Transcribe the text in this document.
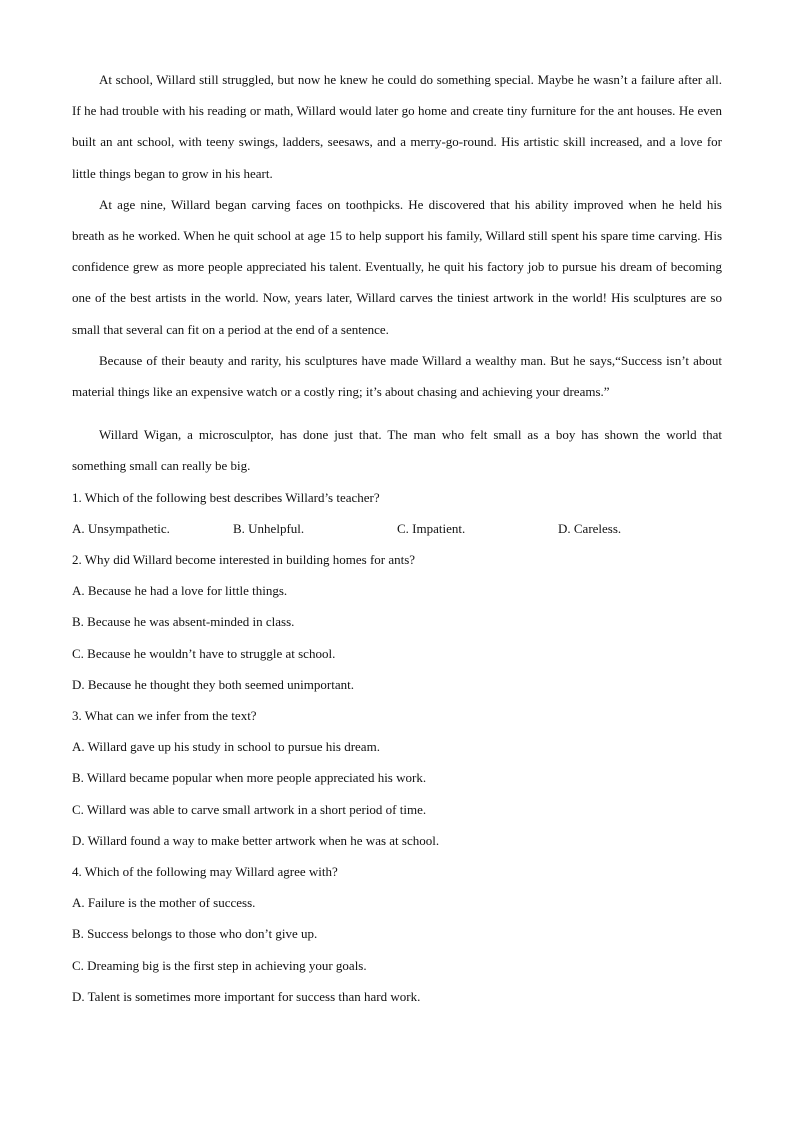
At school, Willard still struggled, but now he knew he could do something special. Maybe he wasn’t a failure after all. If he had trouble with his reading or math, Willard would later go home and create tiny furniture for the ant houses. He even built an ant school, with teeny swings, ladders, seesaws, and a merry-go-round. His artistic skill increased, and a love for little things began to grow in his heart.

At age nine, Willard began carving faces on toothpicks. He discovered that his ability improved when he held his breath as he worked. When he quit school at age 15 to help support his family, Willard still spent his spare time carving. His confidence grew as more people appreciated his talent. Eventually, he quit his factory job to pursue his dream of becoming one of the best artists in the world. Now, years later, Willard carves the tiniest artwork in the world! His sculptures are so small that several can fit on a period at the end of a sentence.

Because of their beauty and rarity, his sculptures have made Willard a wealthy man. But he says,“Success isn’t about material things like an expensive watch or a costly ring; it’s about chasing and achieving your dreams.”

Willard Wigan, a microsculptor, has done just that. The man who felt small as a boy has shown the world that something small can really be big.

1. Which of the following best describes Willard’s teacher?

A. Unsympathetic.	B. Unhelpful.	C. Impatient.	D. Careless.

2. Why did Willard become interested in building homes for ants?

A. Because he had a love for little things.

B. Because he was absent-minded in class.

C. Because he wouldn’t have to struggle at school.

D. Because he thought they both seemed unimportant.

3. What can we infer from the text?

A. Willard gave up his study in school to pursue his dream.

B. Willard became popular when more people appreciated his work.

C. Willard was able to carve small artwork in a short period of time.

D. Willard found a way to make better artwork when he was at school.

4. Which of the following may Willard agree with?

A. Failure is the mother of success.

B. Success belongs to those who don’t give up.

C. Dreaming big is the first step in achieving your goals.

D. Talent is sometimes more important for success than hard work.
